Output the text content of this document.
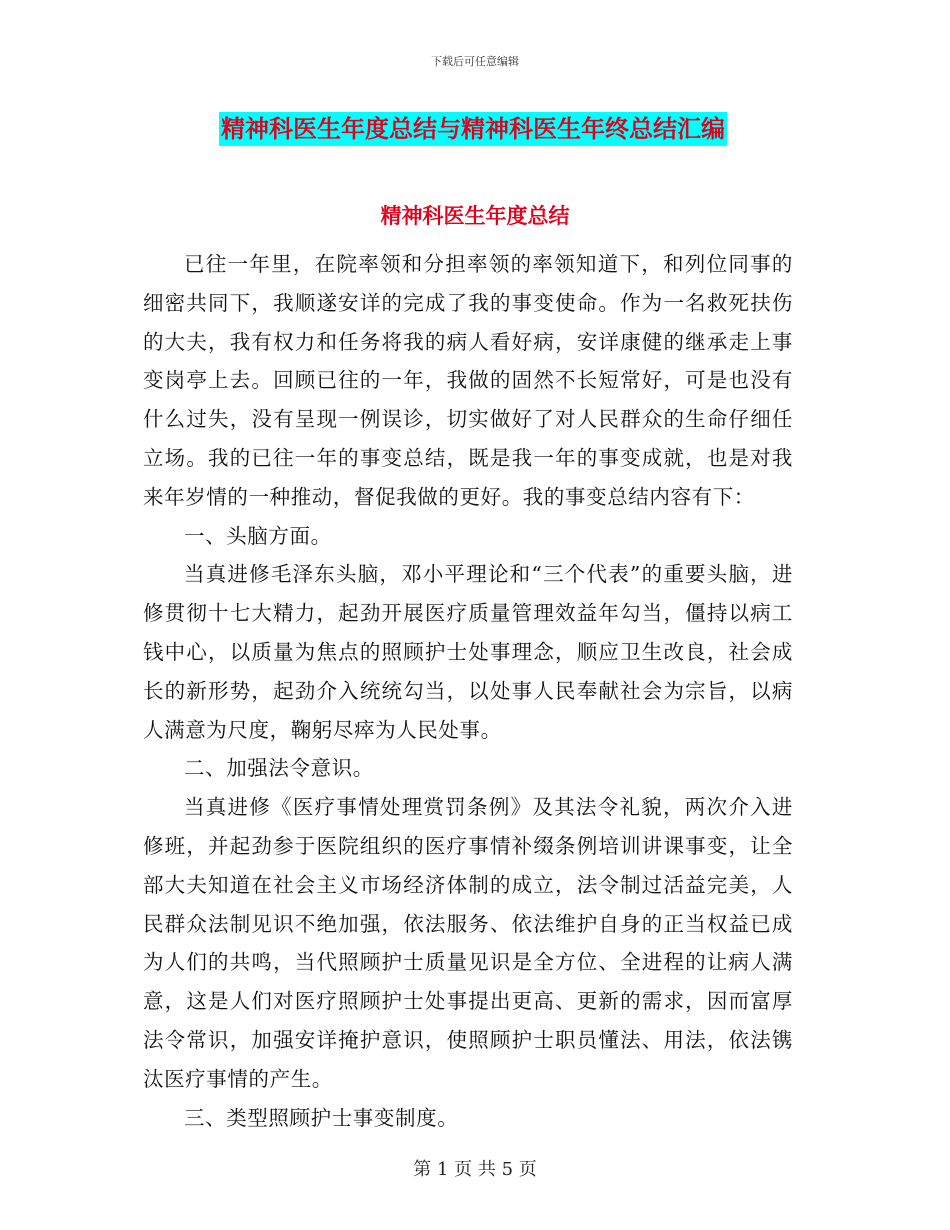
下载后可任意编辑
精神科医生年度总结与精神科医生年终总结汇编
精神科医生年度总结

已往一年里，在院率领和分担率领的率领知道下，和列位同事的细密共同下，我顺遂安详的完成了我的事变使命。作为一名救死扶伤的大夫，我有权力和任务将我的病人看好病，安详康健的继承走上事变岗亭上去。回顾已往的一年，我做的固然不长短常好，可是也没有什么过失，没有呈现一例误诊，切实做好了对人民群众的生命仔细任立场。我的已往一年的事变总结，既是我一年的事变成就，也是对我来年岁情的一种推动，督促我做的更好。我的事变总结内容有下：

一、头脑方面。

当真进修毛泽东头脑，邓小平理论和“三个代表”的重要头脑，进修贯彻十七大精力，起劲开展医疗质量管理效益年勾当，僵持以病工钱中心，以质量为焦点的照顾护士处事理念，顺应卫生改良，社会成长的新形势，起劲介入统统勾当，以处事人民奉献社会为宗旨，以病人满意为尺度，鞠躬尽瘁为人民处事。

二、加强法令意识。

当真进修《医疗事情处理赏罚条例》及其法令礼貌，两次介入进修班，并起劲参于医院组织的医疗事情补缀条例培训讲课事变，让全部大夫知道在社会主义市场经济体制的成立，法令制过活益完美，人民群众法制见识不绝加强，依法服务、依法维护自身的正当权益已成为人们的共鸣，当代照顾护士质量见识是全方位、全进程的让病人满意，这是人们对医疗照顾护士处事提出更高、更新的需求，因而富厚法令常识，加强安详掩护意识，使照顾护士职员懂法、用法，依法镌汰医疗事情的产生。

三、类型照顾护士事变制度。

第 1 页 共 5 页
